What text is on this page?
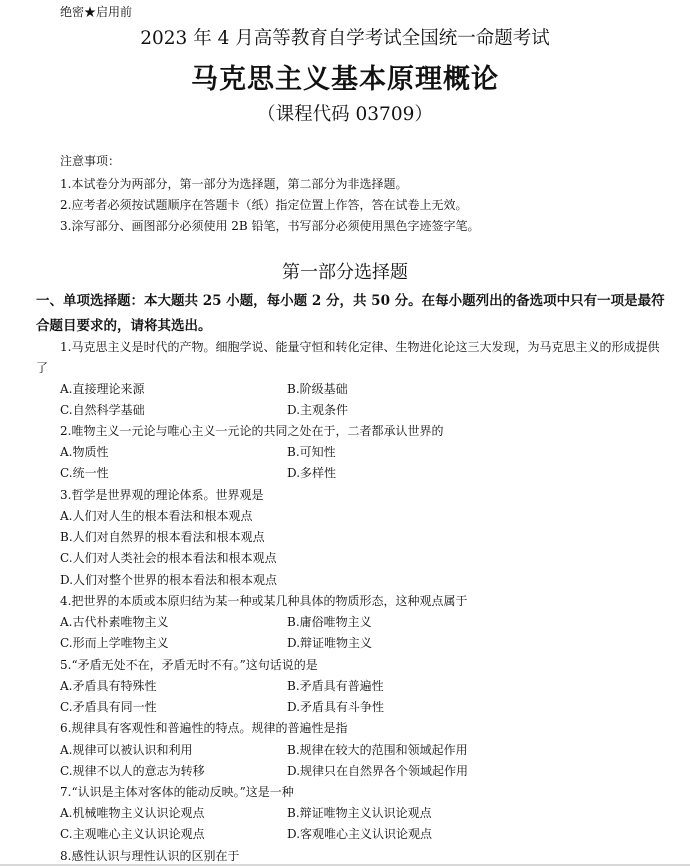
绝密★启用前
2023 年 4 月高等教育自学考试全国统一命题考试
马克思主义基本原理概论
（课程代码 03709）
注意事项：
1.本试卷分为两部分，第一部分为选择题，第二部分为非选择题。
2.应考者必须按试题顺序在答题卡（纸）指定位置上作答，答在试卷上无效。
3.涂写部分、画图部分必须使用 2B 铅笔，书写部分必须使用黑色字迹签字笔。
第一部分选择题
一、单项选择题：本大题共 25 小题，每小题 2 分，共 50 分。在每小题列出的备选项中只有一项是最符
合题目要求的，请将其选出。
1.马克思主义是时代的产物。细胞学说、能量守恒和转化定律、生物进化论这三大发现，为马克思主义的形成提供
了
A.直接理论来源	B.阶级基础
C.自然科学基础	D.主观条件
2.唯物主义一元论与唯心主义一元论的共同之处在于，二者都承认世界的
A.物质性	B.可知性
C.统一性	D.多样性
3.哲学是世界观的理论体系。世界观是
A.人们对人生的根本看法和根本观点
B.人们对自然界的根本看法和根本观点
C.人们对人类社会的根本看法和根本观点
D.人们对整个世界的根本看法和根本观点
4.把世界的本质或本原归结为某一种或某几种具体的物质形态，这种观点属于
A.古代朴素唯物主义	B.庸俗唯物主义
C.形而上学唯物主义	D.辩证唯物主义
5.“矛盾无处不在，矛盾无时不有。”这句话说的是
A.矛盾具有特殊性	B.矛盾具有普遍性
C.矛盾具有同一性	D.矛盾具有斗争性
6.规律具有客观性和普遍性的特点。规律的普遍性是指
A.规律可以被认识和利用	B.规律在较大的范围和领域起作用
C.规律不以人的意志为转移	D.规律只在自然界各个领域起作用
7.“认识是主体对客体的能动反映。”这是一种
A.机械唯物主义认识论观点	B.辩证唯物主义认识论观点
C.主观唯心主义认识论观点	D.客观唯心主义认识论观点
8.感性认识与理性认识的区别在于
